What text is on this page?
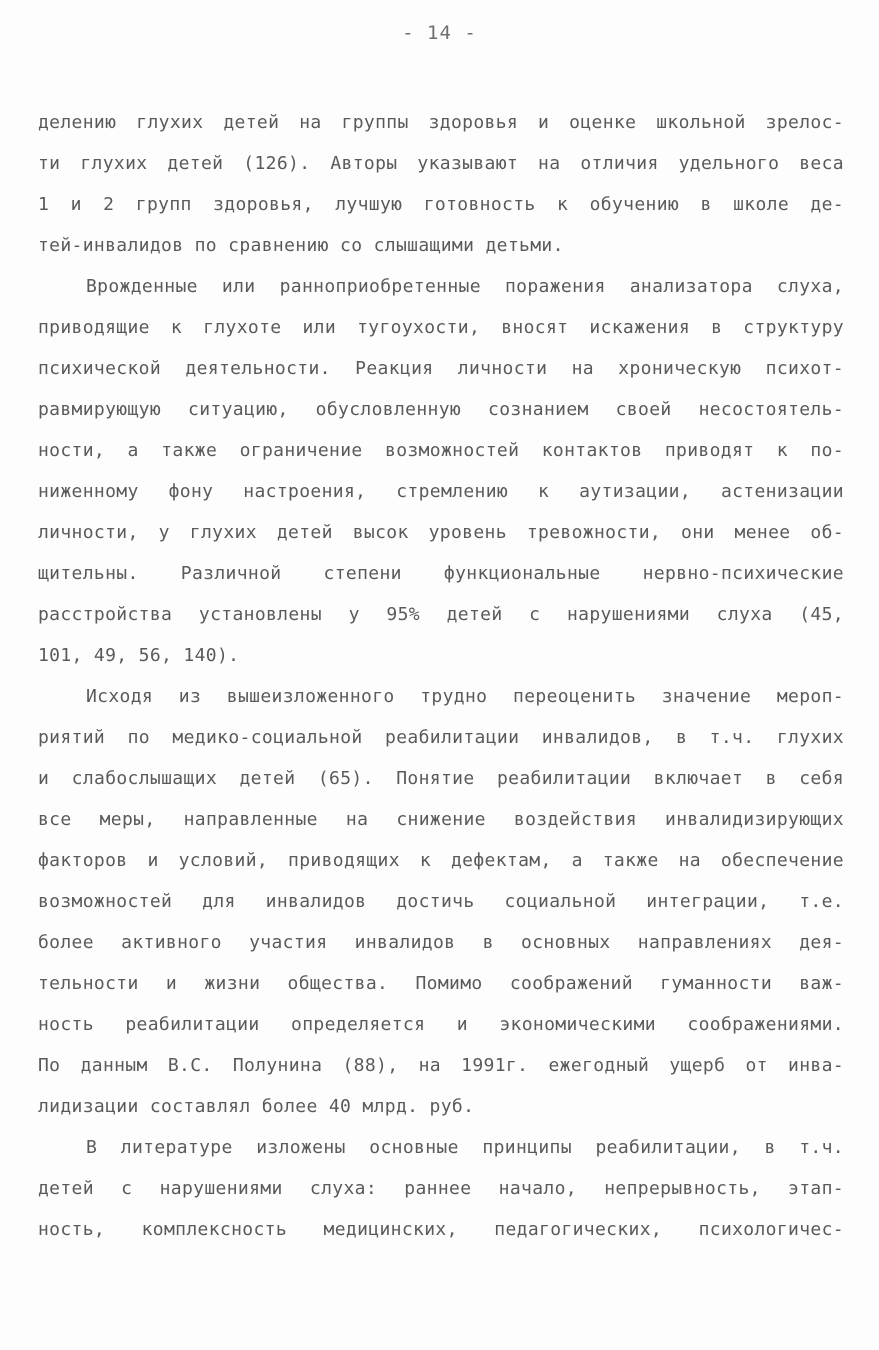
- 14 -
делению глухих детей на группы здоровья и оценке школьной зрелос-
ти глухих детей (126). Авторы указывают на отличия удельного веса
1 и 2 групп здоровья, лучшую готовность к обучению в школе де-
тей-инвалидов по сравнению со слышащими детьми.
Врожденные или ранноприобретенные поражения анализатора слуха,
приводящие к глухоте или тугоухости, вносят искажения в структуру
психической деятельности. Реакция личности на хроническую психот-
равмирующую ситуацию, обусловленную сознанием своей несостоятель-
ности, а также ограничение возможностей контактов приводят к по-
ниженному фону настроения, стремлению к аутизации, астенизации
личности, у глухих детей высок уровень тревожности, они менее об-
щительны. Различной степени функциональные нервно-психические
расстройства установлены у 95% детей с нарушениями слуха (45,
101, 49, 56, 140).
Исходя из вышеизложенного трудно переоценить значение мероп-
риятий по медико-социальной реабилитации инвалидов, в т.ч. глухих
и слабослышащих детей (65). Понятие реабилитации включает в себя
все меры, направленные на снижение воздействия инвалидизирующих
факторов и условий, приводящих к дефектам, а также на обеспечение
возможностей для инвалидов достичь социальной интеграции, т.е.
более активного участия инвалидов в основных направлениях дея-
тельности и жизни общества. Помимо соображений гуманности важ-
ность реабилитации определяется и экономическими соображениями.
По данным В.С. Полунина (88), на 1991г. ежегодный ущерб от инва-
лидизации составлял более 40 млрд. руб.
В литературе изложены основные принципы реабилитации, в т.ч.
детей с нарушениями слуха: раннее начало, непрерывность, этап-
ность, комплексность медицинских, педагогических, психологичес-
